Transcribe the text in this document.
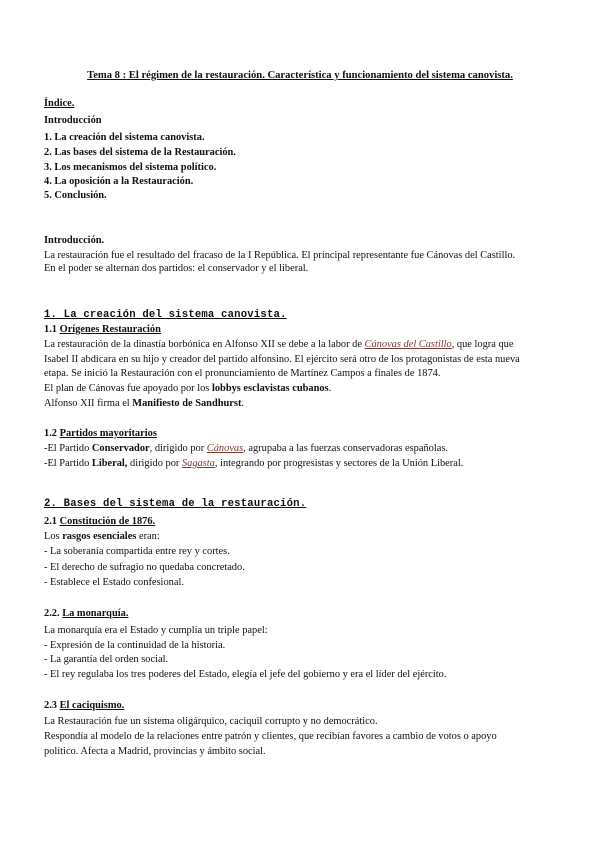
Tema 8 : El régimen de la restauración. Característica y funcionamiento del sistema canovista.
Índice.
Introducción
1. La creación del sistema canovista.
2. Las bases del sistema de la Restauración.
3. Los mecanismos del sistema político.
4. La oposición a la Restauración.
5. Conclusión.
Introducción.
La restauración fue el resultado del fracaso de la I República. El principal representante fue Cánovas del Castillo.
En el poder se alternan dos partidos: el conservador y el liberal.
1. La creación del sistema canovista.
1.1 Orígenes Restauración
La restauración de la dinastía borbónica en Alfonso XII se debe a la labor de Cánovas del Castillo, que logra que
Isabel II abdicara en su hijo y creador del partido alfonsino. El ejército será otro de los protagonistas de esta nueva
etapa. Se inició la Restauración con el pronunciamiento de Martínez Campos a finales de 1874.
El plan de Cánovas fue apoyado por los lobbys esclavistas cubanos.
Alfonso XII firma el Manifiesto de Sandhurst.
1.2 Partidos mayoritarios
-El Partido Conservador, dirigido por Cánovas, agrupaba a las fuerzas conservadoras españolas.
-El Partido Liberal, dirigido por Sagasta, integrando por progresistas y sectores de la Unión Liberal.
2. Bases del sistema de la restauración.
2.1 Constitución de 1876.
Los rasgos esenciales eran:
- La soberanía compartida entre rey y cortes.
- El derecho de sufragio no quedaba concretado.
- Establece el Estado confesional.
2.2. La monarquía.
La monarquía era el Estado y cumplía un triple papel:
- Expresión de la continuidad de la historia.
- La garantía del orden social.
- El rey regulaba los tres poderes del Estado, elegía el jefe del gobierno y era el líder del ejército.
2.3 El caciquismo.
La Restauración fue un sistema oligárquico, caciquil corrupto y no democrático.
Respondía al modelo de la relaciones entre patrón y clientes, que recibían favores a cambio de votos o apoyo
político. Afecta a Madrid, provincias y ámbito social.
